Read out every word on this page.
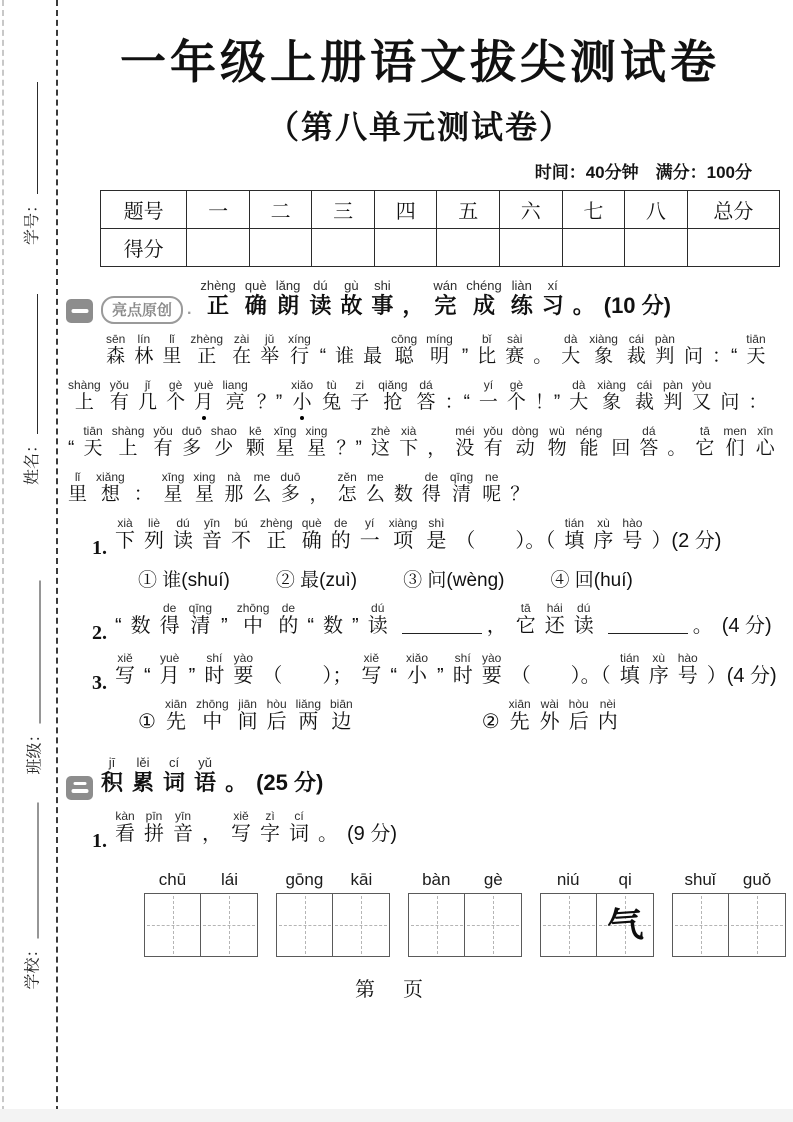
学号：
姓名：
班级：
学校：
一年级上册语文拔尖测试卷
（第八单元测试卷）
时间：40分钟　满分：100分
题号	一	二	三	四	五	六	七	八	总分
得分									
亮点原创 · 正zhèng确què朗lǎng读dú故gù事shi， 完wán成chéng练liàn习xí。 (10 分)
森sēn林lín里lǐ正zhèng在zài举jǔ行xíng“ 谁 最 聪cōng明míng” 比bǐ赛sài。 大dà象xiàng裁cái判pàn问 ：“ 天tiān
上shàng有yǒu几jǐ个gè月yuè亮liang？” 小xiǎo兔tù子zi抢qiǎng答dá：“ 一yí个gè！” 大dà象xiàng裁cái判pàn又yòu问 ：
“ 天tiān上shàng有yǒu多duō少shao颗kē星xīng星xing？” 这zhè下xià， 没méi有yǒu动dòng物wù能néng回 答dá。 它tā们men心xīn
里lǐ想xiǎng： 星xīng星xing那nà么me多duō， 怎zěn么me数 得de清qīng呢ne？
1. 下xià列liè读dú音yīn不bú正zhèng确què的de一yí项xiàng是shì（　　）。（ 填tián序xù号hào）(2 分)
① 谁(shuí) ② 最(zuì) ③ 问(wèng) ④ 回(huí)
2. “ 数 得de清qīng” 中zhōng的de“ 数 ” 读dú， 它tā还hái读dú。 (4 分)
3. 写xiě“ 月yuè” 时shí要yào（　　）； 写xiě“ 小xiǎo” 时shí要yào（　　）。（ 填tián序xù号hào）(4 分)
① 先xiān中zhōng间jiān后hòu两liǎng边biān
② 先xiān外wài后hòu内nèi
积jī累lěi词cí语yǔ。 (25 分)
1. 看kàn拼pīn音yīn， 写xiě字zì词cí。 (9 分)
chū	lái	gōng	kāi	bàn	gè	niú	qi
气
shuǐ	guǒ
第 页
